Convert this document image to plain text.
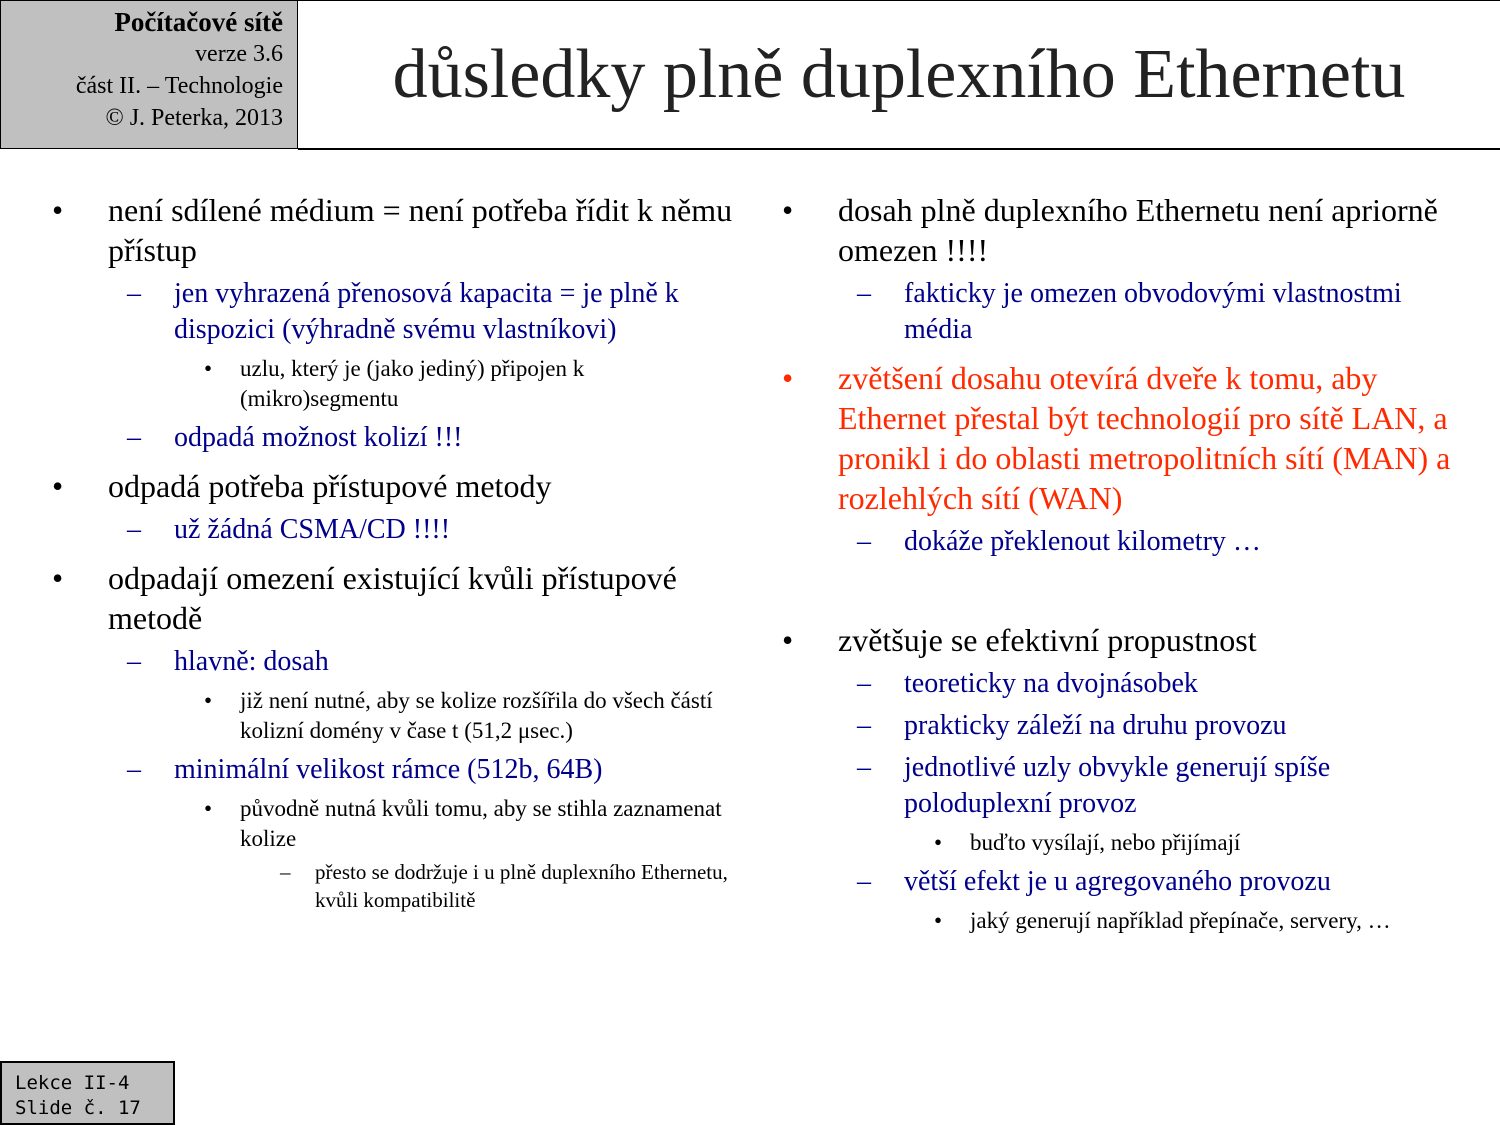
Počítačové sítě
verze 3.6
část II. – Technologie
© J. Peterka, 2013
důsledky plně duplexního Ethernetu
• není sdílené médium = není potřeba řídit k němu přístup
– jen vyhrazená přenosová kapacita = je plně k dispozici (výhradně svému vlastníkovi)
• uzlu, který je (jako jediný) připojen k (mikro)segmentu
– odpadá možnost kolizí !!!
• odpadá potřeba přístupové metody
– už žádná CSMA/CD !!!!
• odpadají omezení existující kvůli přístupové metodě
– hlavně: dosah
• již není nutné, aby se kolize rozšířila do všech částí kolizní domény v čase t (51,2 μsec.)
– minimální velikost rámce (512b, 64B)
• původně nutná kvůli tomu, aby se stihla zaznamenat kolize
– přesto se dodržuje i u plně duplexního Ethernetu, kvůli kompatibilitě
• dosah plně duplexního Ethernetu není apriorně omezen !!!!
– fakticky je omezen obvodovými vlastnostmi média
• zvětšení dosahu otevírá dveře k tomu, aby Ethernet přestal být technologií pro sítě LAN, a pronikl i do oblasti metropolitních sítí (MAN) a rozlehlých sítí (WAN)
– dokáže překlenout kilometry …
• zvětšuje se efektivní propustnost
– teoreticky na dvojnásobek
– prakticky záleží na druhu provozu
– jednotlivé uzly obvykle generují spíše poloduplexní provoz
• buďto vysílají, nebo přijímají
– větší efekt je u agregovaného provozu
• jaký generují například přepínače, servery, …
Lekce II-4
Slide č. 17
